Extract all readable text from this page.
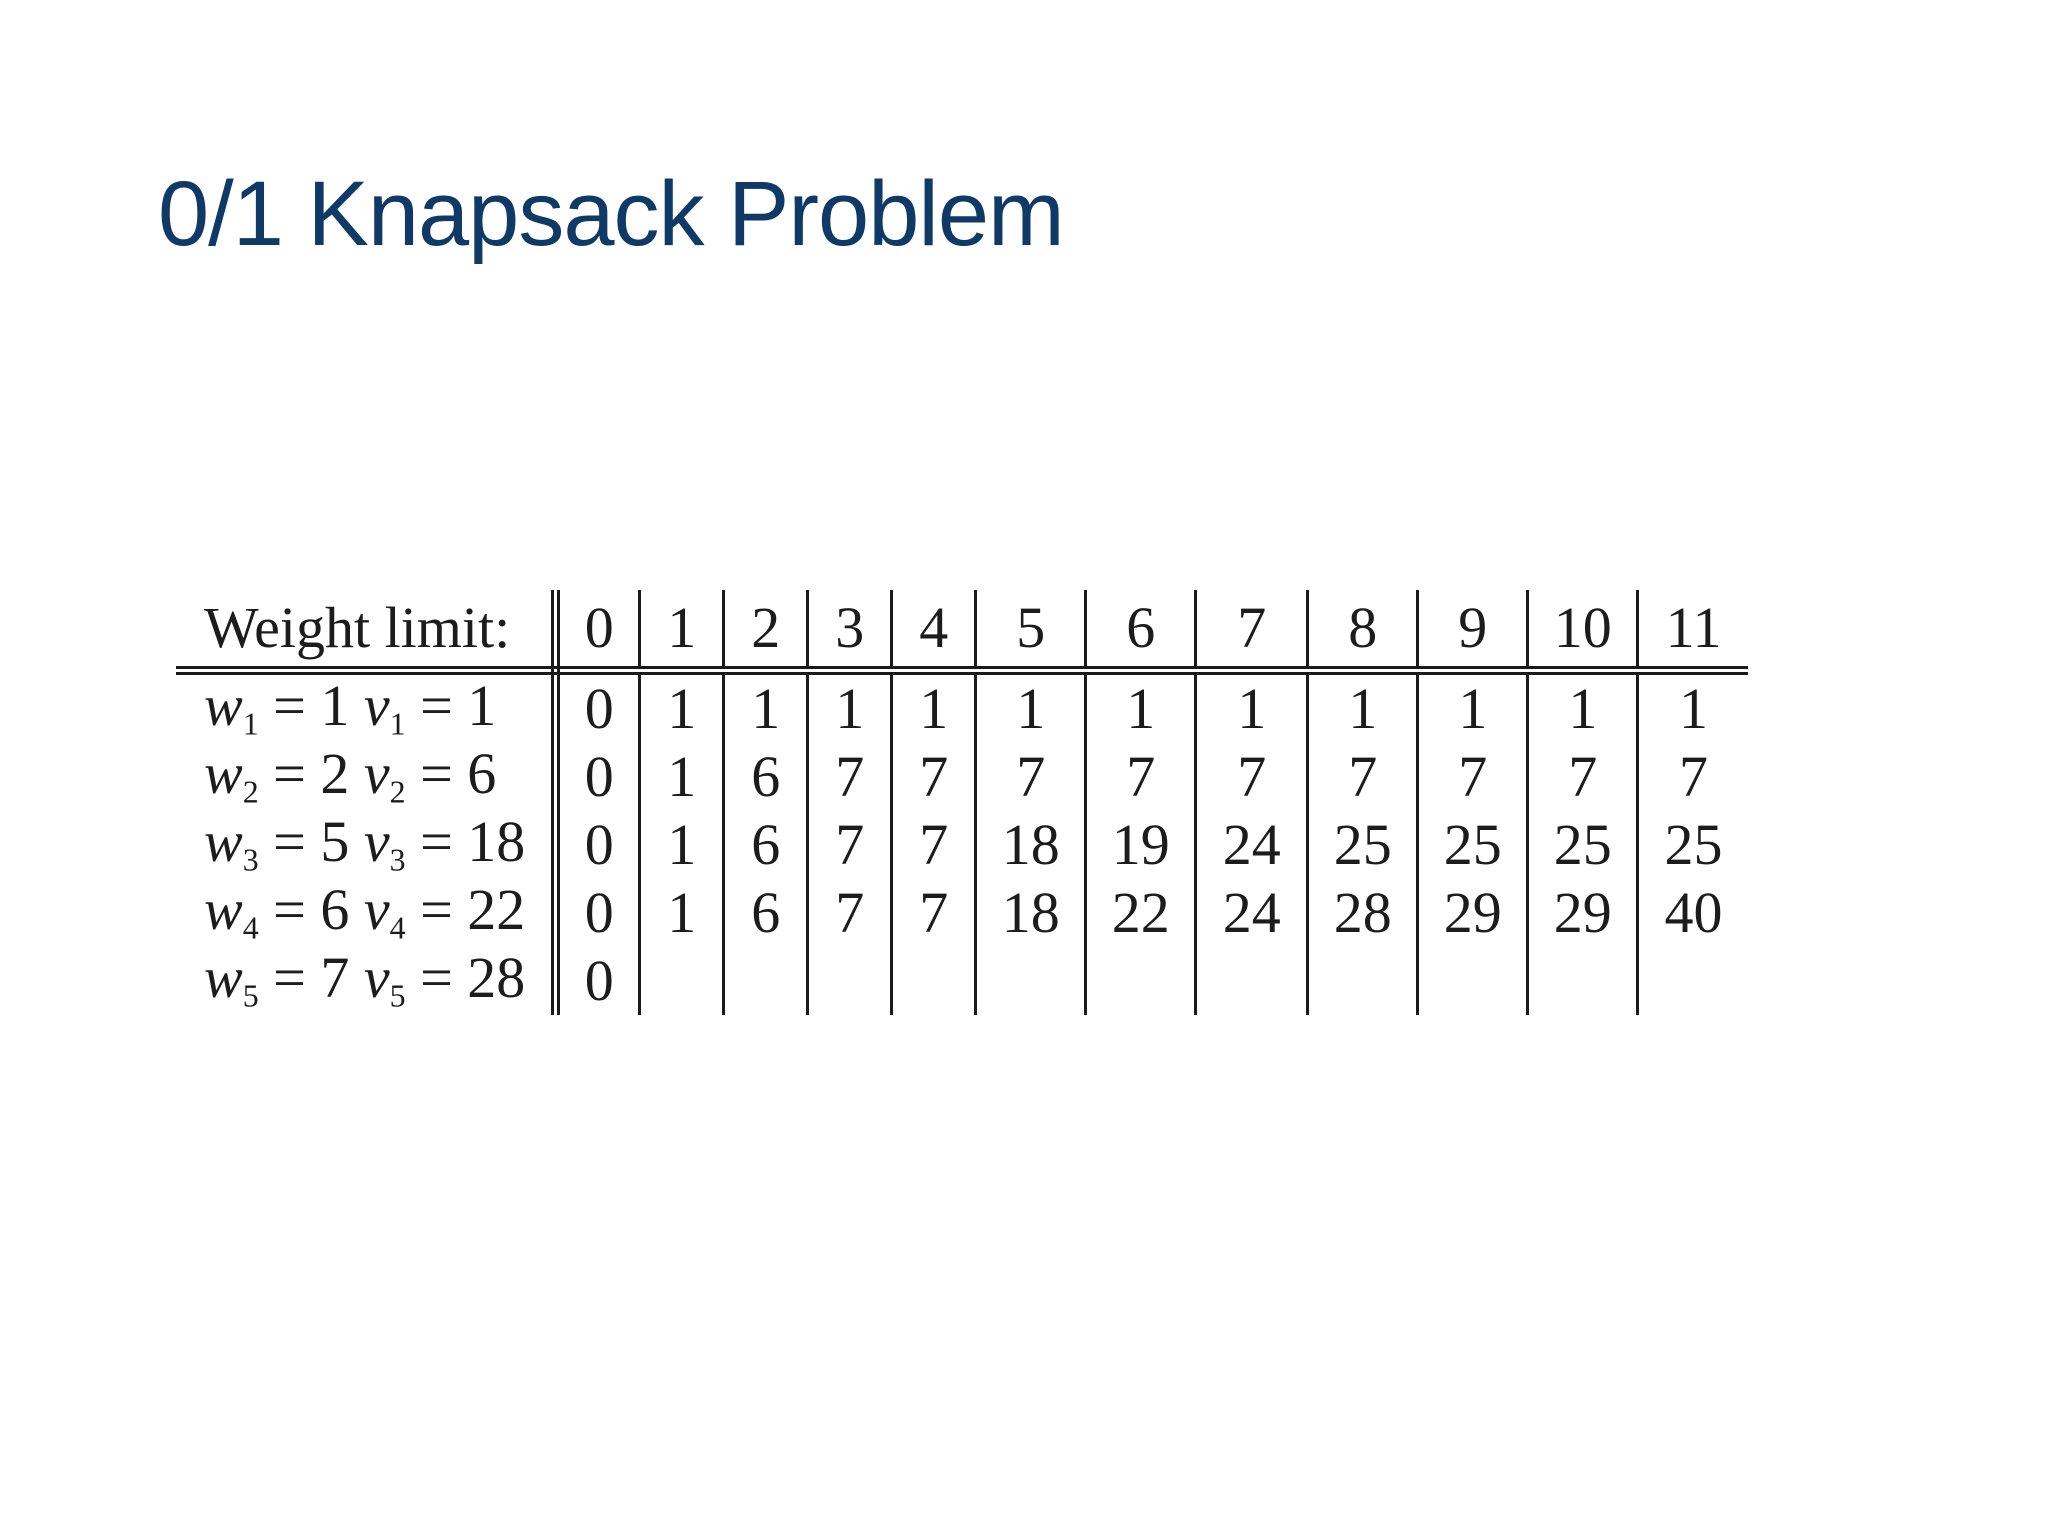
0/1 Knapsack Problem
Weight limit:	0	1	2	3	4	5	6	7	8	9	10	11
$w_1 = 1$ $v_1 = 1$	0	1	1	1	1	1	1	1	1	1	1	1
$w_2 = 2$ $v_2 = 6$	0	1	6	7	7	7	7	7	7	7	7	7
$w_3 = 5$ $v_3 = 18$	0	1	6	7	7	18	19	24	25	25	25	25
$w_4 = 6$ $v_4 = 22$	0	1	6	7	7	18	22	24	28	29	29	40
$w_5 = 7$ $v_5 = 28$	0											
